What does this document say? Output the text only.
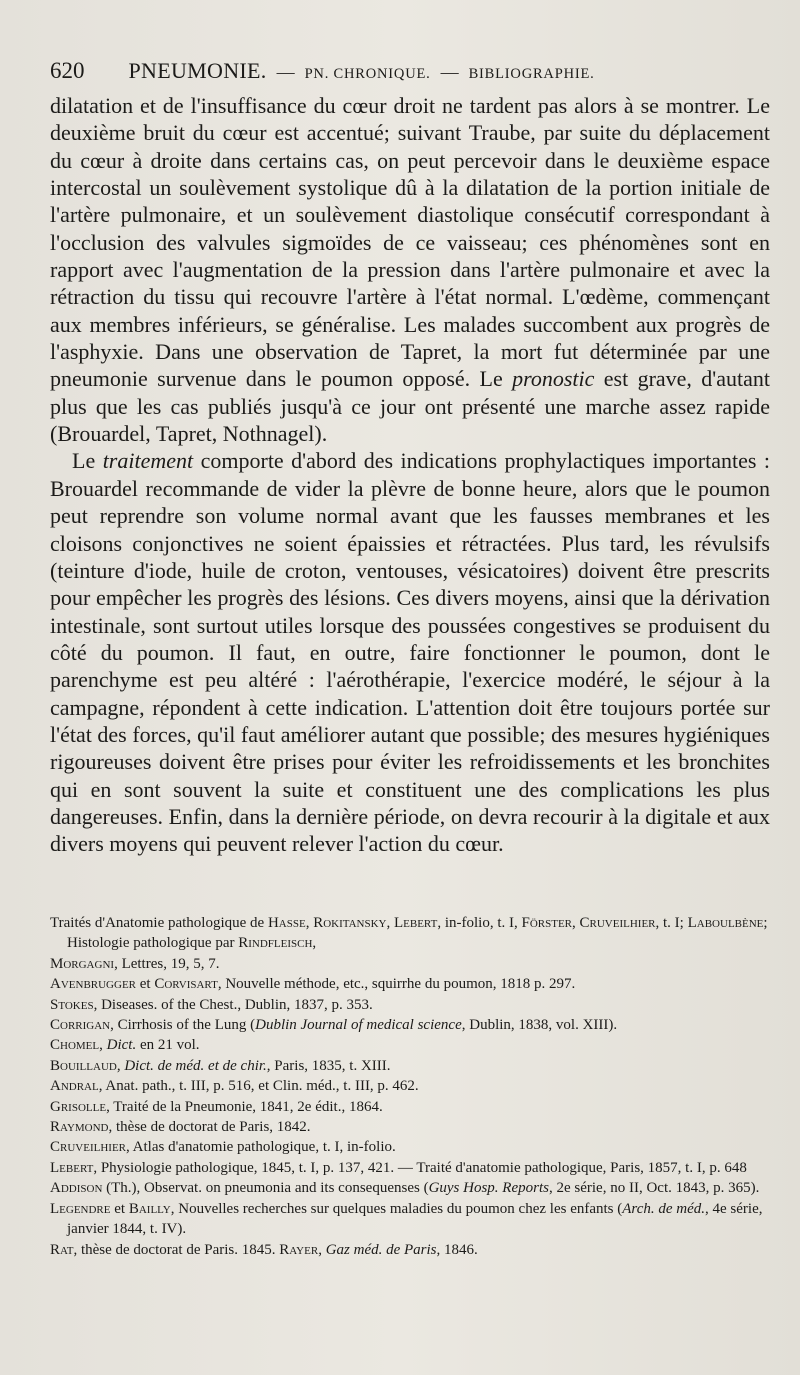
620 PNEUMONIE. — PN. CHRONIQUE. — BIBLIOGRAPHIE.

dilatation et de l'insuffisance du cœur droit ne tardent pas alors à se montrer. Le deuxième bruit du cœur est accentué; suivant Traube, par suite du déplacement du cœur à droite dans certains cas, on peut percevoir dans le deuxième espace intercostal un soulèvement systolique dû à la dilatation de la portion initiale de l'artère pulmonaire, et un soulèvement diastolique consécutif correspondant à l'occlusion des valvules sigmoïdes de ce vaisseau; ces phénomènes sont en rapport avec l'augmentation de la pression dans l'artère pulmonaire et avec la rétraction du tissu qui recouvre l'artère à l'état normal. L'œdème, commençant aux membres inférieurs, se généralise. Les malades succombent aux progrès de l'asphyxie. Dans une observation de Tapret, la mort fut déterminée par une pneumonie survenue dans le poumon opposé. Le pronostic est grave, d'autant plus que les cas publiés jusqu'à ce jour ont présenté une marche assez rapide (Brouardel, Tapret, Nothnagel).

Le traitement comporte d'abord des indications prophylactiques importantes : Brouardel recommande de vider la plèvre de bonne heure, alors que le poumon peut reprendre son volume normal avant que les fausses membranes et les cloisons conjonctives ne soient épaissies et rétractées. Plus tard, les révulsifs (teinture d'iode, huile de croton, ventouses, vésicatoires) doivent être prescrits pour empêcher les progrès des lésions. Ces divers moyens, ainsi que la dérivation intestinale, sont surtout utiles lorsque des poussées congestives se produisent du côté du poumon. Il faut, en outre, faire fonctionner le poumon, dont le parenchyme est peu altéré : l'aérothérapie, l'exercice modéré, le séjour à la campagne, répondent à cette indication. L'attention doit être toujours portée sur l'état des forces, qu'il faut améliorer autant que possible; des mesures hygiéniques rigoureuses doivent être prises pour éviter les refroidissements et les bronchites qui en sont souvent la suite et constituent une des complications les plus dangereuses. Enfin, dans la dernière période, on devra recourir à la digitale et aux divers moyens qui peuvent relever l'action du cœur.

Traités d'Anatomie pathologique de Hasse, Rokitansky, Lebert, in-folio, t. I, Förster, Cruveilhier, t. I; Laboulbène; Histologie pathologique par Rindfleisch,

Morgagni, Lettres, 19, 5, 7.

Avenbrugger et Corvisart, Nouvelle méthode, etc., squirrhe du poumon, 1818 p. 297.

Stokes, Diseases. of the Chest., Dublin, 1837, p. 353.

Corrigan, Cirrhosis of the Lung (Dublin Journal of medical science, Dublin, 1838, vol. XIII).

Chomel, Dict. en 21 vol.

Bouillaud, Dict. de méd. et de chir., Paris, 1835, t. XIII.

Andral, Anat. path., t. III, p. 516, et Clin. méd., t. III, p. 462.

Grisolle, Traité de la Pneumonie, 1841, 2e édit., 1864.

Raymond, thèse de doctorat de Paris, 1842.

Cruveilhier, Atlas d'anatomie pathologique, t. I, in-folio.

Lebert, Physiologie pathologique, 1845, t. I, p. 137, 421. — Traité d'anatomie pathologique, Paris, 1857, t. I, p. 648

Addison (Th.), Observat. on pneumonia and its consequenses (Guys Hosp. Reports, 2e série, no II, Oct. 1843, p. 365).

Legendre et Bailly, Nouvelles recherches sur quelques maladies du poumon chez les enfants (Arch. de méd., 4e série, janvier 1844, t. IV).

Rat, thèse de doctorat de Paris. 1845. Rayer, Gaz méd. de Paris, 1846.
